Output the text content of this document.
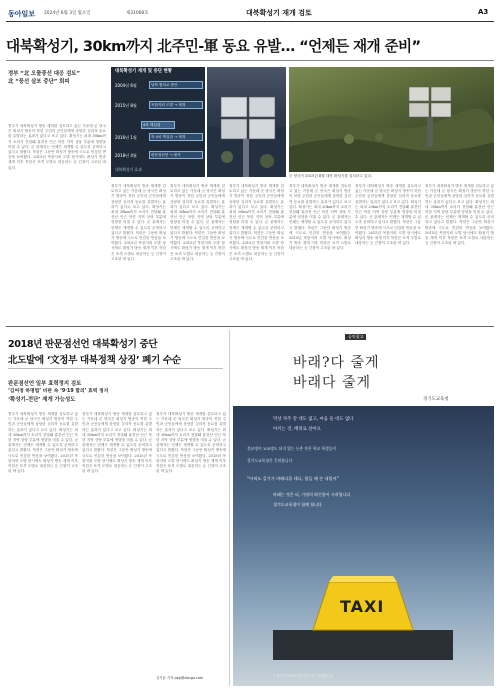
동아일보 2024년 6월 3일 월요일	제31068호	대북확성기 재개 검토	A3
대북확성기, 30km까지 北주민-軍 동요 유발… “언제든 재개 준비”
정부 “北 오물풍선 대응 검토”
北 “풍선 살포 중단” 회피
정부가 대북확성기 방송 재개를 검토하고 있는 가운데 군 당국은 확성기 방송이 북한 주민과 군인들에게 상당한 심리적 동요를 유발하는 효과가 있다고 보고 있다. 확성기는 최대 30km까지 소리가 전달돼 휴전선 인근 북한 지역 상당 부분에 영향을 미칠 수 있다. 군 관계자는 언제든 재개할 수 있도록 준비하고 있다고 밝혔다. 북한은 그동안 확성기 방송에 극도로 민감한 반응을 보여왔다. 2015년 목함지뢰 도발 당시에도 확성기 방송 재개 이후 북한은 포격 도발로 대응하는 등 긴장이 고조된 바 있다.
대북확성기 재개 및 중단 현황
2004년 6월	남북 합의로 중단
2015년 8월	목함지뢰 도발 → 재개
4차 핵실험
2016년 1월	북 4차 핵실험 → 재개
2018년 4월	판문점선언 → 철거
대북확성기 효과
군 당국이 2015년 8월 대북 확성기를 설치하고 있다.
정부가 대북확성기 방송 재개를 검토하고 있는 가운데 군 당국은 확성기 방송이 북한 주민과 군인들에게 상당한 심리적 동요를 유발하는 효과가 있다고 보고 있다. 확성기는 최대 30km까지 소리가 전달돼 휴전선 인근 북한 지역 상당 부분에 영향을 미칠 수 있다. 군 관계자는 언제든 재개할 수 있도록 준비하고 있다고 밝혔다. 북한은 그동안 확성기 방송에 극도로 민감한 반응을 보여왔다. 2015년 목함지뢰 도발 당시에도 확성기 방송 재개 이후 북한은 포격 도발로 대응하는 등 긴장이 고조된 바 있다.
정부가 대북확성기 방송 재개를 검토하고 있는 가운데 군 당국은 확성기 방송이 북한 주민과 군인들에게 상당한 심리적 동요를 유발하는 효과가 있다고 보고 있다. 확성기는 최대 30km까지 소리가 전달돼 휴전선 인근 북한 지역 상당 부분에 영향을 미칠 수 있다. 군 관계자는 언제든 재개할 수 있도록 준비하고 있다고 밝혔다. 북한은 그동안 확성기 방송에 극도로 민감한 반응을 보여왔다. 2015년 목함지뢰 도발 당시에도 확성기 방송 재개 이후 북한은 포격 도발로 대응하는 등 긴장이 고조된 바 있다.
정부가 대북확성기 방송 재개를 검토하고 있는 가운데 군 당국은 확성기 방송이 북한 주민과 군인들에게 상당한 심리적 동요를 유발하는 효과가 있다고 보고 있다. 확성기는 최대 30km까지 소리가 전달돼 휴전선 인근 북한 지역 상당 부분에 영향을 미칠 수 있다. 군 관계자는 언제든 재개할 수 있도록 준비하고 있다고 밝혔다. 북한은 그동안 확성기 방송에 극도로 민감한 반응을 보여왔다. 2015년 목함지뢰 도발 당시에도 확성기 방송 재개 이후 북한은 포격 도발로 대응하는 등 긴장이 고조된 바 있다.
정부가 대북확성기 방송 재개를 검토하고 있는 가운데 군 당국은 확성기 방송이 북한 주민과 군인들에게 상당한 심리적 동요를 유발하는 효과가 있다고 보고 있다. 확성기는 최대 30km까지 소리가 전달돼 휴전선 인근 북한 지역 상당 부분에 영향을 미칠 수 있다. 군 관계자는 언제든 재개할 수 있도록 준비하고 있다고 밝혔다. 북한은 그동안 확성기 방송에 극도로 민감한 반응을 보여왔다. 2015년 목함지뢰 도발 당시에도 확성기 방송 재개 이후 북한은 포격 도발로 대응하는 등 긴장이 고조된 바 있다.
정부가 대북확성기 방송 재개를 검토하고 있는 가운데 군 당국은 확성기 방송이 북한 주민과 군인들에게 상당한 심리적 동요를 유발하는 효과가 있다고 보고 있다. 확성기는 최대 30km까지 소리가 전달돼 휴전선 인근 북한 지역 상당 부분에 영향을 미칠 수 있다. 군 관계자는 언제든 재개할 수 있도록 준비하고 있다고 밝혔다. 북한은 그동안 확성기 방송에 극도로 민감한 반응을 보여왔다. 2015년 목함지뢰 도발 당시에도 확성기 방송 재개 이후 북한은 포격 도발로 대응하는 등 긴장이 고조된 바 있다.
정부가 대북확성기 방송 재개를 검토하고 있는 가운데 군 당국은 확성기 방송이 북한 주민과 군인들에게 상당한 심리적 동요를 유발하는 효과가 있다고 보고 있다. 확성기는 최대 30km까지 소리가 전달돼 휴전선 인근 북한 지역 상당 부분에 영향을 미칠 수 있다. 군 관계자는 언제든 재개할 수 있도록 준비하고 있다고 밝혔다. 북한은 그동안 확성기 방송에 극도로 민감한 반응을 보여왔다. 2015년 목함지뢰 도발 당시에도 확성기 방송 재개 이후 북한은 포격 도발로 대응하는 등 긴장이 고조된 바 있다.
2018년 판문점선언 대북확성기 중단
北도발에 ‘文정부 대북정책 상징’ 폐기 수순
판문점선언 일부 효력정지 검토
‘김여정 하명법’ 비판 속 ‘9·19 합의’ 효력 정지
‘확성기-전단’ 재개 가능성도
정부가 대북확성기 방송 재개를 검토하고 있는 가운데 군 당국은 확성기 방송이 북한 주민과 군인들에게 상당한 심리적 동요를 유발하는 효과가 있다고 보고 있다. 확성기는 최대 30km까지 소리가 전달돼 휴전선 인근 북한 지역 상당 부분에 영향을 미칠 수 있다. 군 관계자는 언제든 재개할 수 있도록 준비하고 있다고 밝혔다. 북한은 그동안 확성기 방송에 극도로 민감한 반응을 보여왔다. 2015년 목함지뢰 도발 당시에도 확성기 방송 재개 이후 북한은 포격 도발로 대응하는 등 긴장이 고조된 바 있다.
정부가 대북확성기 방송 재개를 검토하고 있는 가운데 군 당국은 확성기 방송이 북한 주민과 군인들에게 상당한 심리적 동요를 유발하는 효과가 있다고 보고 있다. 확성기는 최대 30km까지 소리가 전달돼 휴전선 인근 북한 지역 상당 부분에 영향을 미칠 수 있다. 군 관계자는 언제든 재개할 수 있도록 준비하고 있다고 밝혔다. 북한은 그동안 확성기 방송에 극도로 민감한 반응을 보여왔다. 2015년 목함지뢰 도발 당시에도 확성기 방송 재개 이후 북한은 포격 도발로 대응하는 등 긴장이 고조된 바 있다.
정부가 대북확성기 방송 재개를 검토하고 있는 가운데 군 당국은 확성기 방송이 북한 주민과 군인들에게 상당한 심리적 동요를 유발하는 효과가 있다고 보고 있다. 확성기는 최대 30km까지 소리가 전달돼 휴전선 인근 북한 지역 상당 부분에 영향을 미칠 수 있다. 군 관계자는 언제든 재개할 수 있도록 준비하고 있다고 밝혔다. 북한은 그동안 확성기 방송에 극도로 민감한 반응을 보여왔다. 2015년 목함지뢰 도발 당시에도 확성기 방송 재개 이후 북한은 포격 도발로 대응하는 등 긴장이 고조된 바 있다.
김기윤 기자 pep@donga.com
공익광고
바래?다 줄게
바래다 줄게
경기도교육청
막상 자주 갈 데도 없고, 마음 둘 데도 없다
아끼는 것, 배려로 살아요
전교생이 100명도 되지 않는 농촌 작은 학교 학생들이
경기도교육청은 응원합니다
“아직도 길가가 바래다줄 테니, 힘들 때 손 내밀어”
바래는 것은 더, 가정의 따뜻함이 시작됩니다
경기도교육청이 함께 합니다
TAXI
* 경기도교육청 공익광고로 게재됩니다
